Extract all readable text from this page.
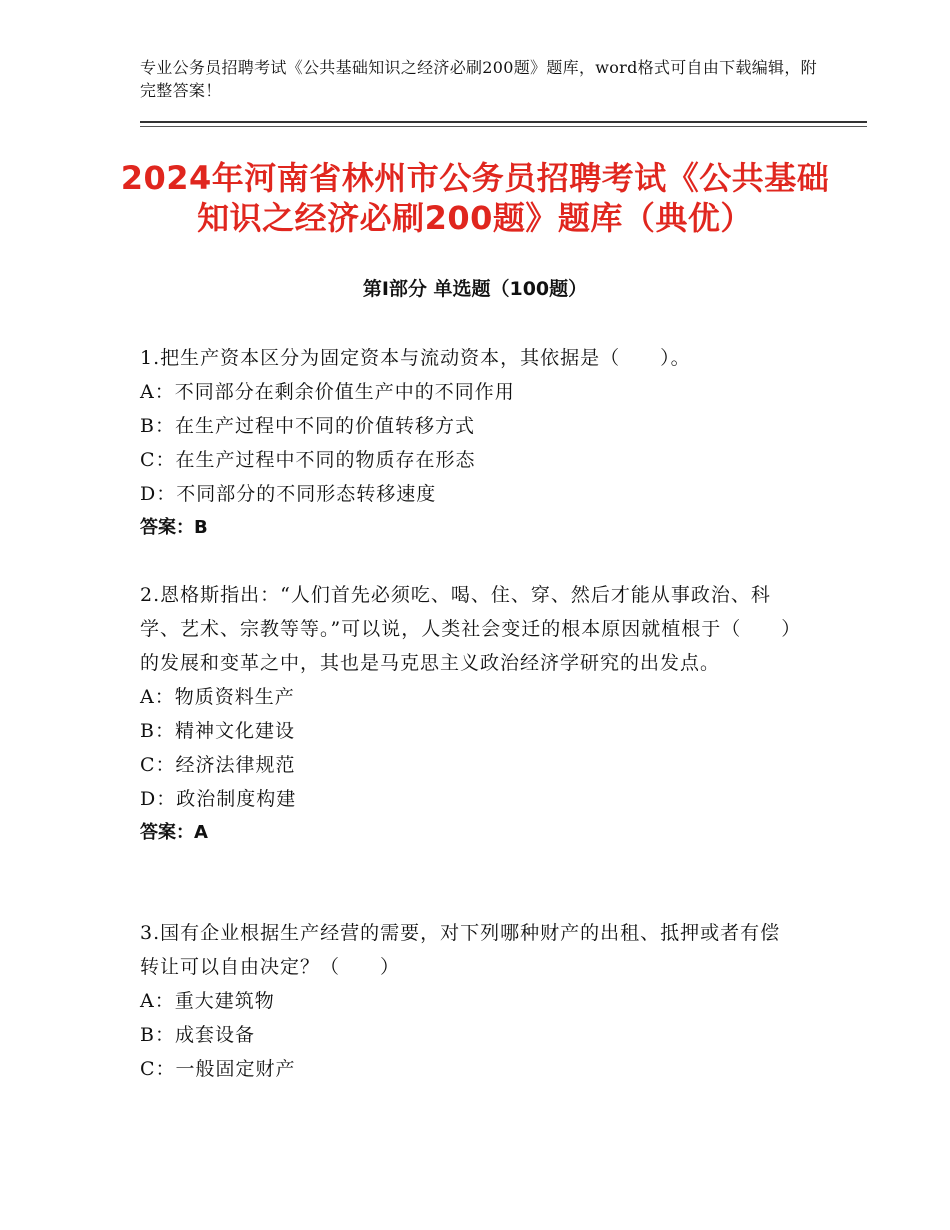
专业公务员招聘考试《公共基础知识之经济必刷200题》题库，word格式可自由下载编辑，附完整答案！
2024年河南省林州市公务员招聘考试《公共基础知识之经济必刷200题》题库（典优）
第Ⅰ部分 单选题（100题）

1.把生产资本区分为固定资本与流动资本，其依据是（　　）。

A：不同部分在剩余价值生产中的不同作用

B：在生产过程中不同的价值转移方式

C：在生产过程中不同的物质存在形态

D：不同部分的不同形态转移速度

答案：B

2.恩格斯指出：“人们首先必须吃、喝、住、穿、然后才能从事政治、科学、艺术、宗教等等。”可以说，人类社会变迁的根本原因就植根于（　　）的发展和变革之中，其也是马克思主义政治经济学研究的出发点。

A：物质资料生产

B：精神文化建设

C：经济法律规范

D：政治制度构建

答案：A

3.国有企业根据生产经营的需要，对下列哪种财产的出租、抵押或者有偿转让可以自由决定？（　　）

A：重大建筑物

B：成套设备

C：一般固定财产
